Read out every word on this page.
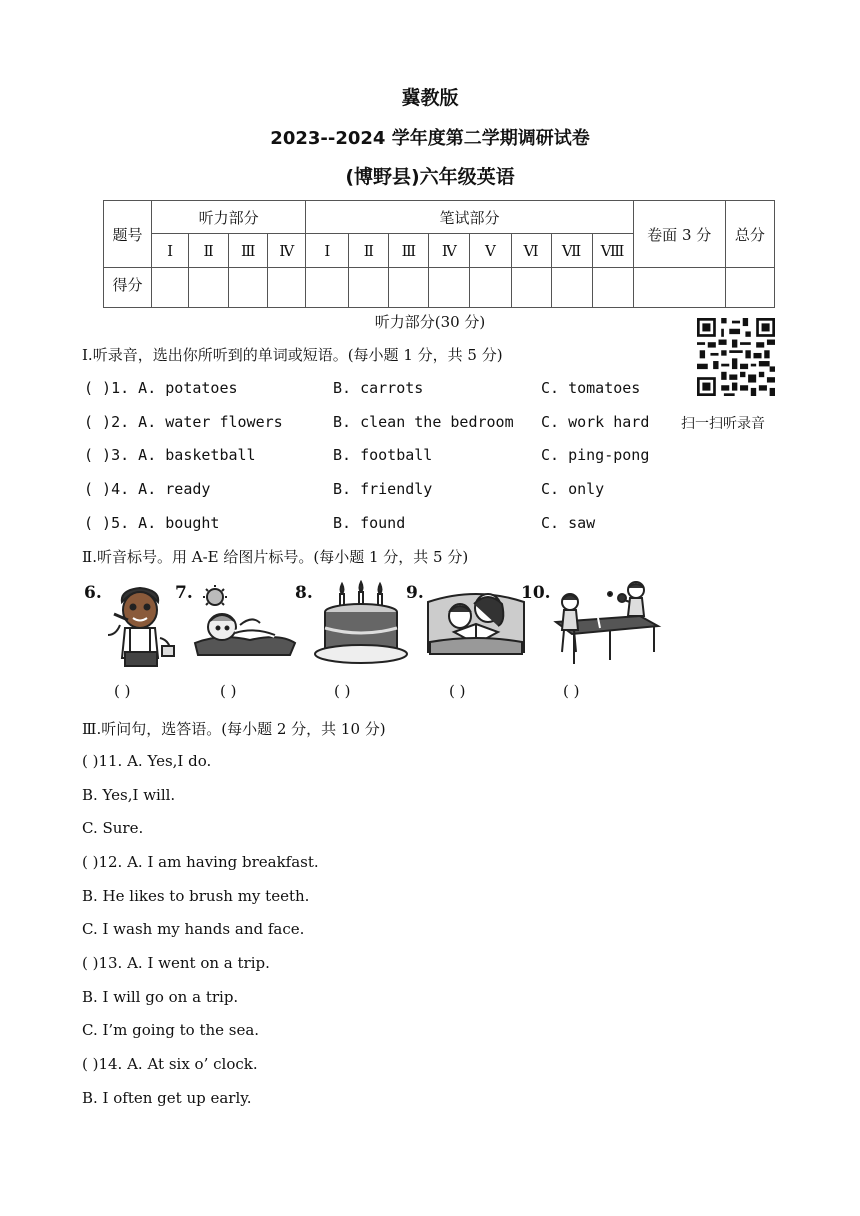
冀教版
2023--2024 学年度第二学期调研试卷
(博野县)六年级英语
题号	听力部分				笔试部分								卷面 3 分	总分
	Ⅰ	Ⅱ	Ⅲ	Ⅳ	Ⅰ	Ⅱ	Ⅲ	Ⅳ	Ⅴ	Ⅵ	Ⅶ	Ⅷ		
得分														
听力部分(30 分)
扫一扫听录音
Ⅰ.听录音，选出你所听到的单词或短语。(每小题 1 分，共 5 分)
( )1. A. potatoes	B. carrots	C. tomatoes
( )2. A. water flowers	B. clean the bedroom C. work hard
( )3. A. basketball	B. football	C. ping-pong
( )4. A. ready	B. friendly	C. only
( )5. A. bought	B. found	C. saw
Ⅱ.听音标号。用 A-E 给图片标号。(每小题 1 分，共 5 分)
6.
( )
7.
( )
8.
( )
9.
( )
10.
( )
Ⅲ.听问句，选答语。(每小题 2 分，共 10 分)
( )11. A. Yes,I do.
B. Yes,I will.
C. Sure.
( )12. A. I am having breakfast.
B. He likes to brush my teeth.
C. I wash my hands and face.
( )13. A. I went on a trip.
B. I will go on a trip.
C. I’m going to the sea.
( )14. A. At six o’ clock.
B. I often get up early.
